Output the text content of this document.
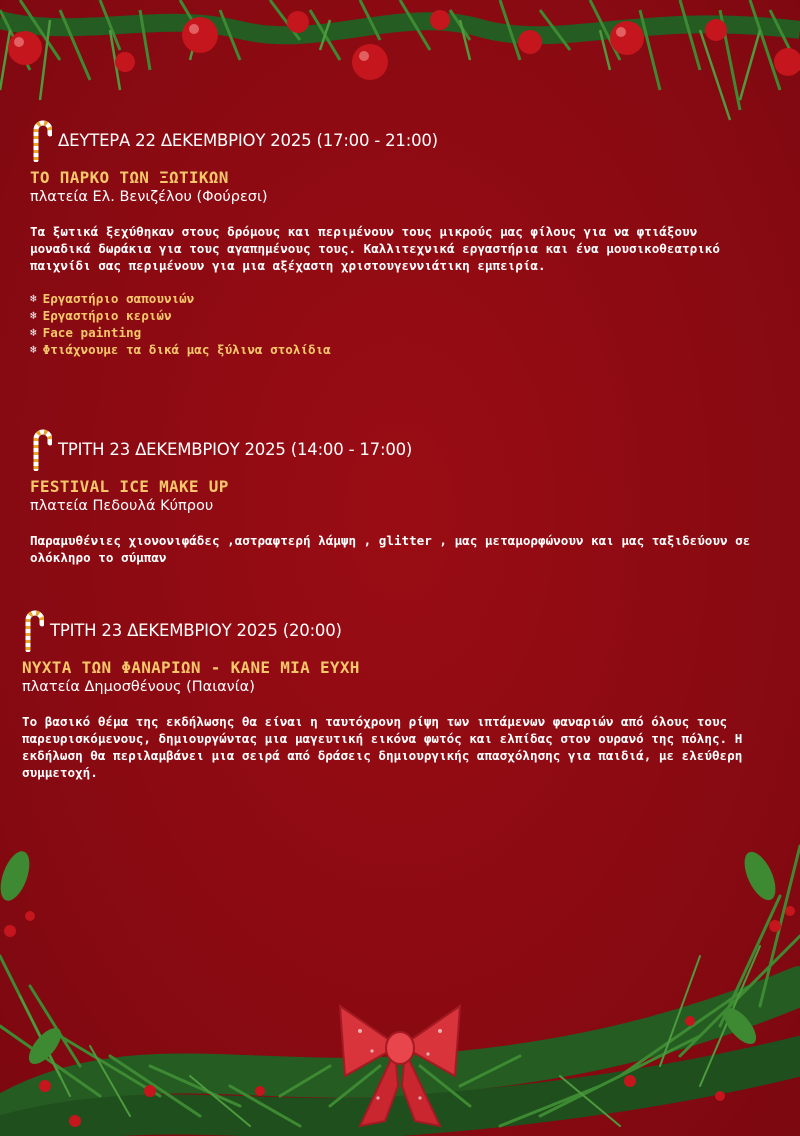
ΔΕΥΤΕΡΑ 22 ΔΕΚΕΜΒΡΙΟΥ 2025 (17:00 - 21:00)
ΤΟ ΠΑΡΚΟ ΤΩΝ ΞΩΤΙΚΩΝ
πλατεία Ελ. Βενιζέλου (Φούρεσι)
Τα ξωτικά ξεχύθηκαν στους δρόμους και περιμένουν τους μικρούς μας φίλους για να φτιάξουν μοναδικά δωράκια για τους αγαπημένους τους. Καλλιτεχνικά εργαστήρια και ένα μουσικοθεατρικό παιχνίδι σας περιμένουν για μια αξέχαστη χριστουγεννιάτικη εμπειρία.
❄ Εργαστήριο σαπουνιών
❄ Εργαστήριο κεριών
❄ Face painting
❄ Φτιάχνουμε τα δικά μας ξύλινα στολίδια
ΤΡΙΤΗ 23 ΔΕΚΕΜΒΡΙΟΥ 2025 (14:00 - 17:00)
FESTIVAL ICE MAKE UP
πλατεία Πεδουλά Κύπρου
Παραμυθένιες χιονονιφάδες ,αστραφτερή λάμψη , glitter , μας μεταμορφώνουν και μας ταξιδεύουν σε ολόκληρο το σύμπαν
ΤΡΙΤΗ 23 ΔΕΚΕΜΒΡΙΟΥ 2025 (20:00)
ΝΥΧΤΑ ΤΩΝ ΦΑΝΑΡΙΩΝ - ΚΑΝΕ ΜΙΑ ΕΥΧΗ
πλατεία Δημοσθένους (Παιανία)
Το βασικό θέμα της εκδήλωσης θα είναι η ταυτόχρονη ρίψη των ιπτάμενων φαναριών από όλους τους παρευρισκόμενους, δημιουργώντας μια μαγευτική εικόνα φωτός και ελπίδας στον ουρανό της πόλης. Η εκδήλωση θα περιλαμβάνει μια σειρά από δράσεις δημιουργικής απασχόλησης για παιδιά, με ελεύθερη συμμετοχή.
